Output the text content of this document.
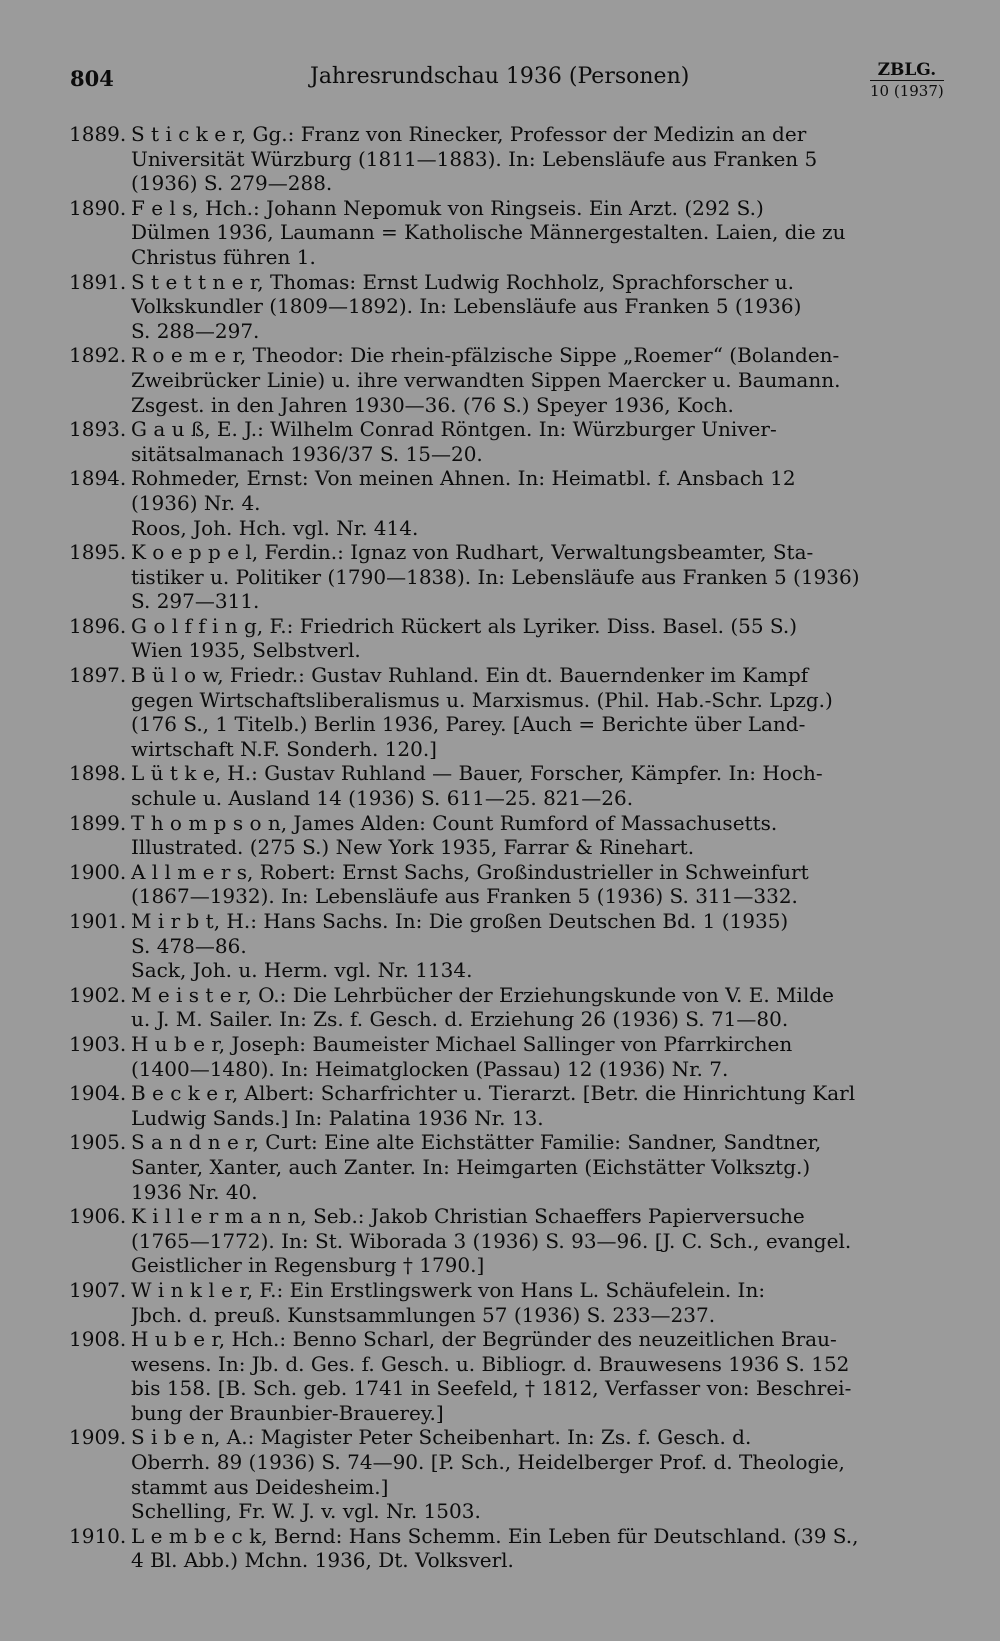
804	Jahresrundschau 1936 (Personen)	ZBLG.
10 (1937)
1889. S t i c k e r, Gg.: Franz von Rinecker, Professor der Medizin an der
Universität Würzburg (1811—1883). In: Lebensläufe aus Franken 5
(1936) S. 279—288.
1890. F e l s, Hch.: Johann Nepomuk von Ringseis. Ein Arzt. (292 S.)
Dülmen 1936, Laumann = Katholische Männergestalten. Laien, die zu
Christus führen 1.
1891. S t e t t n e r, Thomas: Ernst Ludwig Rochholz, Sprachforscher u.
Volkskundler (1809—1892). In: Lebensläufe aus Franken 5 (1936)
S. 288—297.
1892. R o e m e r, Theodor: Die rhein-pfälzische Sippe „Roemer“ (Bolanden-
Zweibrücker Linie) u. ihre verwandten Sippen Maercker u. Baumann.
Zsgest. in den Jahren 1930—36. (76 S.) Speyer 1936, Koch.
1893. G a u ß, E. J.: Wilhelm Conrad Röntgen. In: Würzburger Univer-
sitätsalmanach 1936/37 S. 15—20.
1894. Rohmeder, Ernst: Von meinen Ahnen. In: Heimatbl. f. Ansbach 12
(1936) Nr. 4.
Roos, Joh. Hch. vgl. Nr. 414.
1895. K o e p p e l, Ferdin.: Ignaz von Rudhart, Verwaltungsbeamter, Sta-
tistiker u. Politiker (1790—1838). In: Lebensläufe aus Franken 5 (1936)
S. 297—311.
1896. G o l f f i n g, F.: Friedrich Rückert als Lyriker. Diss. Basel. (55 S.)
Wien 1935, Selbstverl.
1897. B ü l o w, Friedr.: Gustav Ruhland. Ein dt. Bauerndenker im Kampf
gegen Wirtschaftsliberalismus u. Marxismus. (Phil. Hab.-Schr. Lpzg.)
(176 S., 1 Titelb.) Berlin 1936, Parey. [Auch = Berichte über Land-
wirtschaft N.F. Sonderh. 120.]
1898. L ü t k e, H.: Gustav Ruhland — Bauer, Forscher, Kämpfer. In: Hoch-
schule u. Ausland 14 (1936) S. 611—25. 821—26.
1899. T h o m p s o n, James Alden: Count Rumford of Massachusetts.
Illustrated. (275 S.) New York 1935, Farrar & Rinehart.
1900. A l l m e r s, Robert: Ernst Sachs, Großindustrieller in Schweinfurt
(1867—1932). In: Lebensläufe aus Franken 5 (1936) S. 311—332.
1901. M i r b t, H.: Hans Sachs. In: Die großen Deutschen Bd. 1 (1935)
S. 478—86.
Sack, Joh. u. Herm. vgl. Nr. 1134.
1902. M e i s t e r, O.: Die Lehrbücher der Erziehungskunde von V. E. Milde
u. J. M. Sailer. In: Zs. f. Gesch. d. Erziehung 26 (1936) S. 71—80.
1903. H u b e r, Joseph: Baumeister Michael Sallinger von Pfarrkirchen
(1400—1480). In: Heimatglocken (Passau) 12 (1936) Nr. 7.
1904. B e c k e r, Albert: Scharfrichter u. Tierarzt. [Betr. die Hinrichtung Karl
Ludwig Sands.] In: Palatina 1936 Nr. 13.
1905. S a n d n e r, Curt: Eine alte Eichstätter Familie: Sandner, Sandtner,
Santer, Xanter, auch Zanter. In: Heimgarten (Eichstätter Volksztg.)
1936 Nr. 40.
1906. K i l l e r m a n n, Seb.: Jakob Christian Schaeffers Papierversuche
(1765—1772). In: St. Wiborada 3 (1936) S. 93—96. [J. C. Sch., evangel.
Geistlicher in Regensburg † 1790.]
1907. W i n k l e r, F.: Ein Erstlingswerk von Hans L. Schäufelein. In:
Jbch. d. preuß. Kunstsammlungen 57 (1936) S. 233—237.
1908. H u b e r, Hch.: Benno Scharl, der Begründer des neuzeitlichen Brau-
wesens. In: Jb. d. Ges. f. Gesch. u. Bibliogr. d. Brauwesens 1936 S. 152
bis 158. [B. Sch. geb. 1741 in Seefeld, † 1812, Verfasser von: Beschrei-
bung der Braunbier-Brauerey.]
1909. S i b e n, A.: Magister Peter Scheibenhart. In: Zs. f. Gesch. d.
Oberrh. 89 (1936) S. 74—90. [P. Sch., Heidelberger Prof. d. Theologie,
stammt aus Deidesheim.]
Schelling, Fr. W. J. v. vgl. Nr. 1503.
1910. L e m b e c k, Bernd: Hans Schemm. Ein Leben für Deutschland. (39 S.,
4 Bl. Abb.) Mchn. 1936, Dt. Volksverl.
